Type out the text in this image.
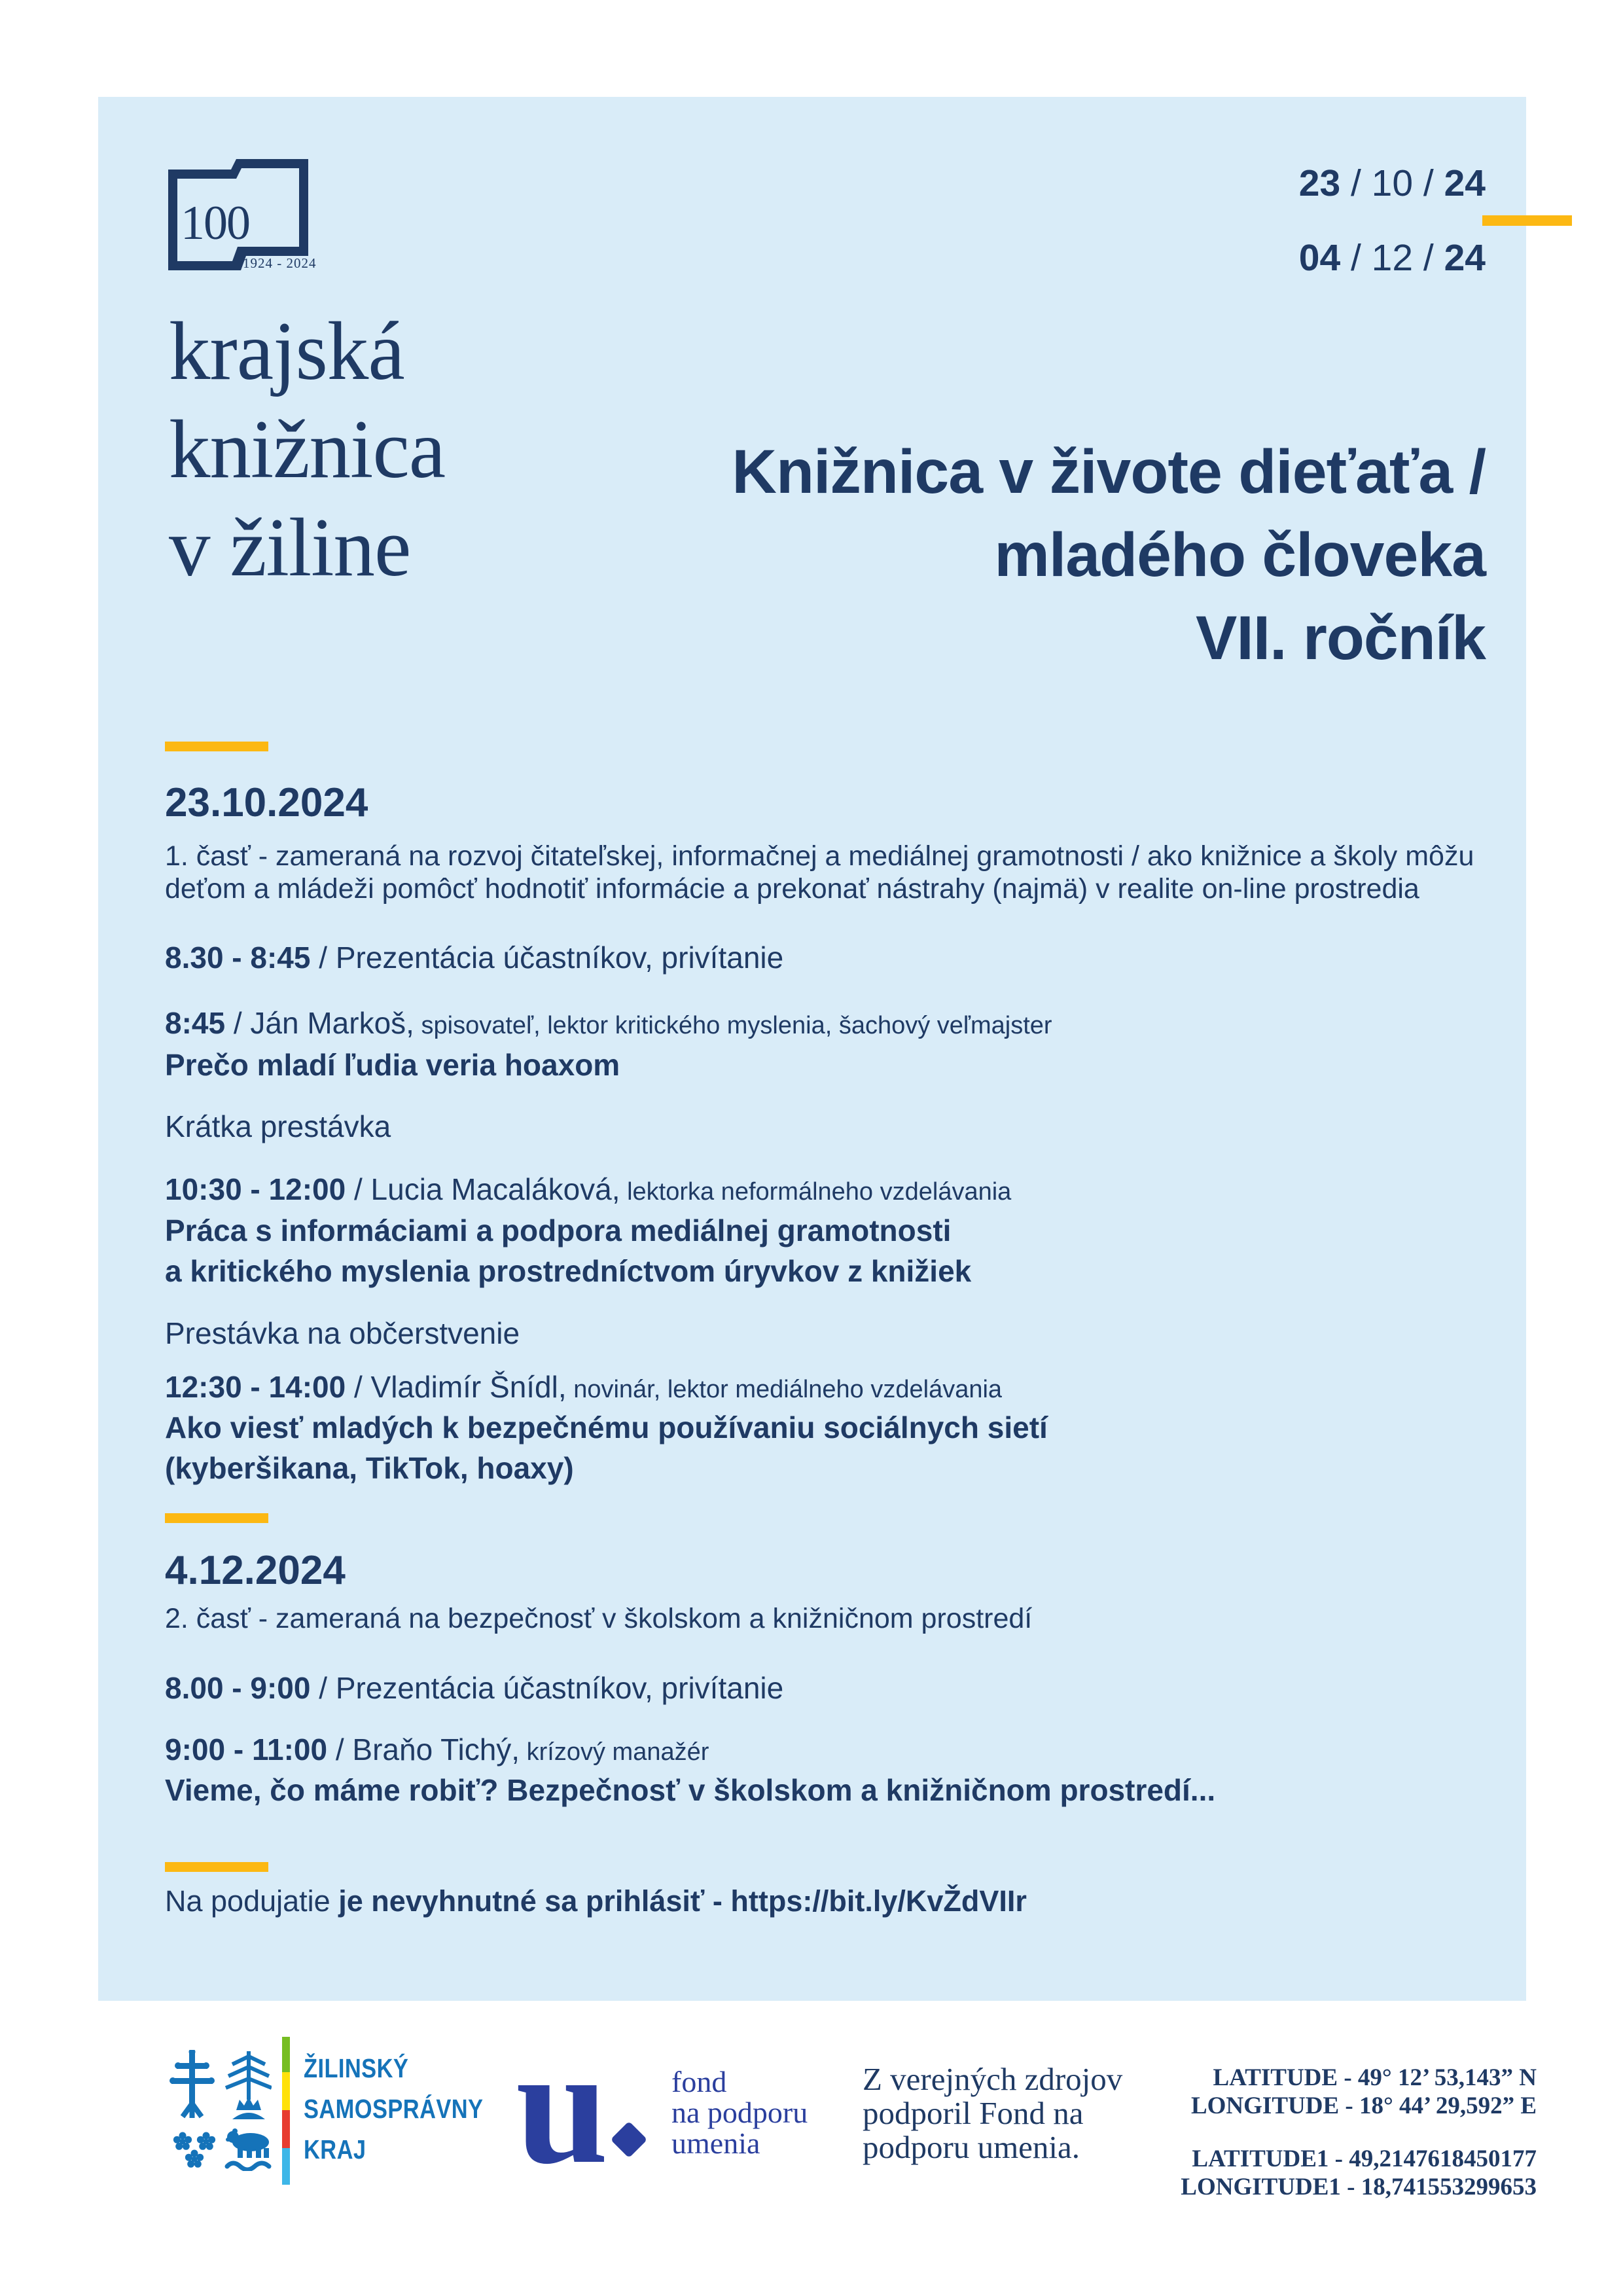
100
1924 - 2024
23 / 10 / 24
04 / 12 / 24
krajská
knižnica
v žiline
Knižnica v živote dieťaťa /
mladého človeka
VII. ročník
23.10.2024
1. časť - zameraná na rozvoj čitateľskej, informačnej a mediálnej gramotnosti / ako knižnice a školy môžu
deťom a mládeži pomôcť hodnotiť informácie a prekonať nástrahy (najmä) v realite on-line prostredia
8.30 - 8:45 / Prezentácia účastníkov, privítanie
8:45 / Ján Markoš, spisovateľ, lektor kritického myslenia, šachový veľmajster
Prečo mladí ľudia veria hoaxom
Krátka prestávka
10:30 - 12:00 / Lucia Macaláková, lektorka neformálneho vzdelávania
Práca s informáciami a podpora mediálnej gramotnosti
a kritického myslenia prostredníctvom úryvkov z knižiek
Prestávka na občerstvenie
12:30 - 14:00 / Vladimír Šnídl, novinár, lektor mediálneho vzdelávania
Ako viesť mladých k bezpečnému používaniu sociálnych sietí
(kyberšikana, TikTok, hoaxy)
4.12.2024
2. časť - zameraná na bezpečnosť v školskom a knižničnom prostredí
8.00 - 9:00 / Prezentácia účastníkov, privítanie
9:00 - 11:00 / Braňo Tichý, krízový manažér
Vieme, čo máme robiť? Bezpečnosť v školskom a knižničnom prostredí...
Na podujatie je nevyhnutné sa prihlásiť - https://bit.ly/KvŽdVIIr
ŽILINSKÝ
SAMOSPRÁVNY
KRAJ u fond
na podporu
umenia
Z verejných zdrojov
podporil Fond na
podporu umenia.
LATITUDE - 49° 12’ 53,143” N
LONGITUDE - 18° 44’ 29,592” E
LATITUDE1 - 49,2147618450177
LONGITUDE1 - 18,741553299653
